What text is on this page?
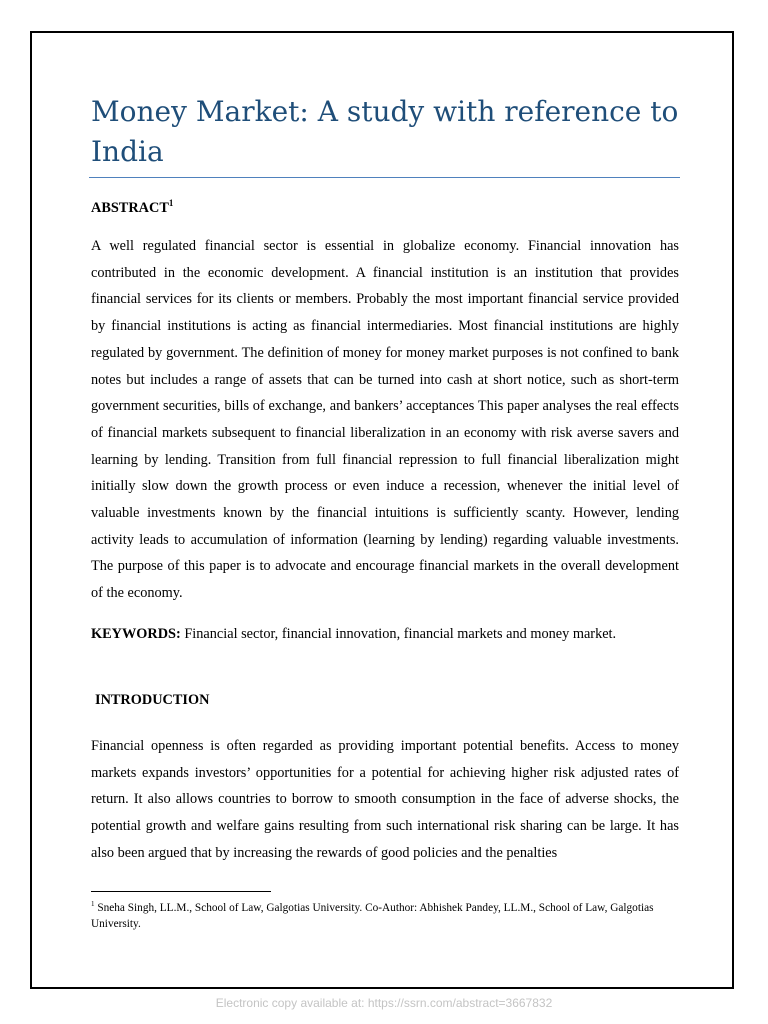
Money Market: A study with reference to India
ABSTRACT$^1$

A well regulated financial sector is essential in globalize economy. Financial innovation has contributed in the economic development. A financial institution is an institution that provides financial services for its clients or members. Probably the most important financial service provided by financial institutions is acting as financial intermediaries. Most financial institutions are highly regulated by government. The definition of money for money market purposes is not confined to bank notes but includes a range of assets that can be turned into cash at short notice, such as short-term government securities, bills of exchange, and bankers’ acceptances This paper analyses the real effects of financial markets subsequent to financial liberalization in an economy with risk averse savers and learning by lending. Transition from full financial repression to full financial liberalization might initially slow down the growth process or even induce a recession, whenever the initial level of valuable investments known by the financial intuitions is sufficiently scanty. However, lending activity leads to accumulation of information (learning by lending) regarding valuable investments. The purpose of this paper is to advocate and encourage financial markets in the overall development of the economy.

KEYWORDS: Financial sector, financial innovation, financial markets and money market.

INTRODUCTION

Financial openness is often regarded as providing important potential benefits. Access to money markets expands investors’ opportunities for a potential for achieving higher risk adjusted rates of return. It also allows countries to borrow to smooth consumption in the face of adverse shocks, the potential growth and welfare gains resulting from such international risk sharing can be large. It has also been argued that by increasing the rewards of good policies and the penalties

$^1$ Sneha Singh, LL.M., School of Law, Galgotias University. Co-Author: Abhishek Pandey, LL.M., School of Law, Galgotias University.

Electronic copy available at: https://ssrn.com/abstract=3667832
